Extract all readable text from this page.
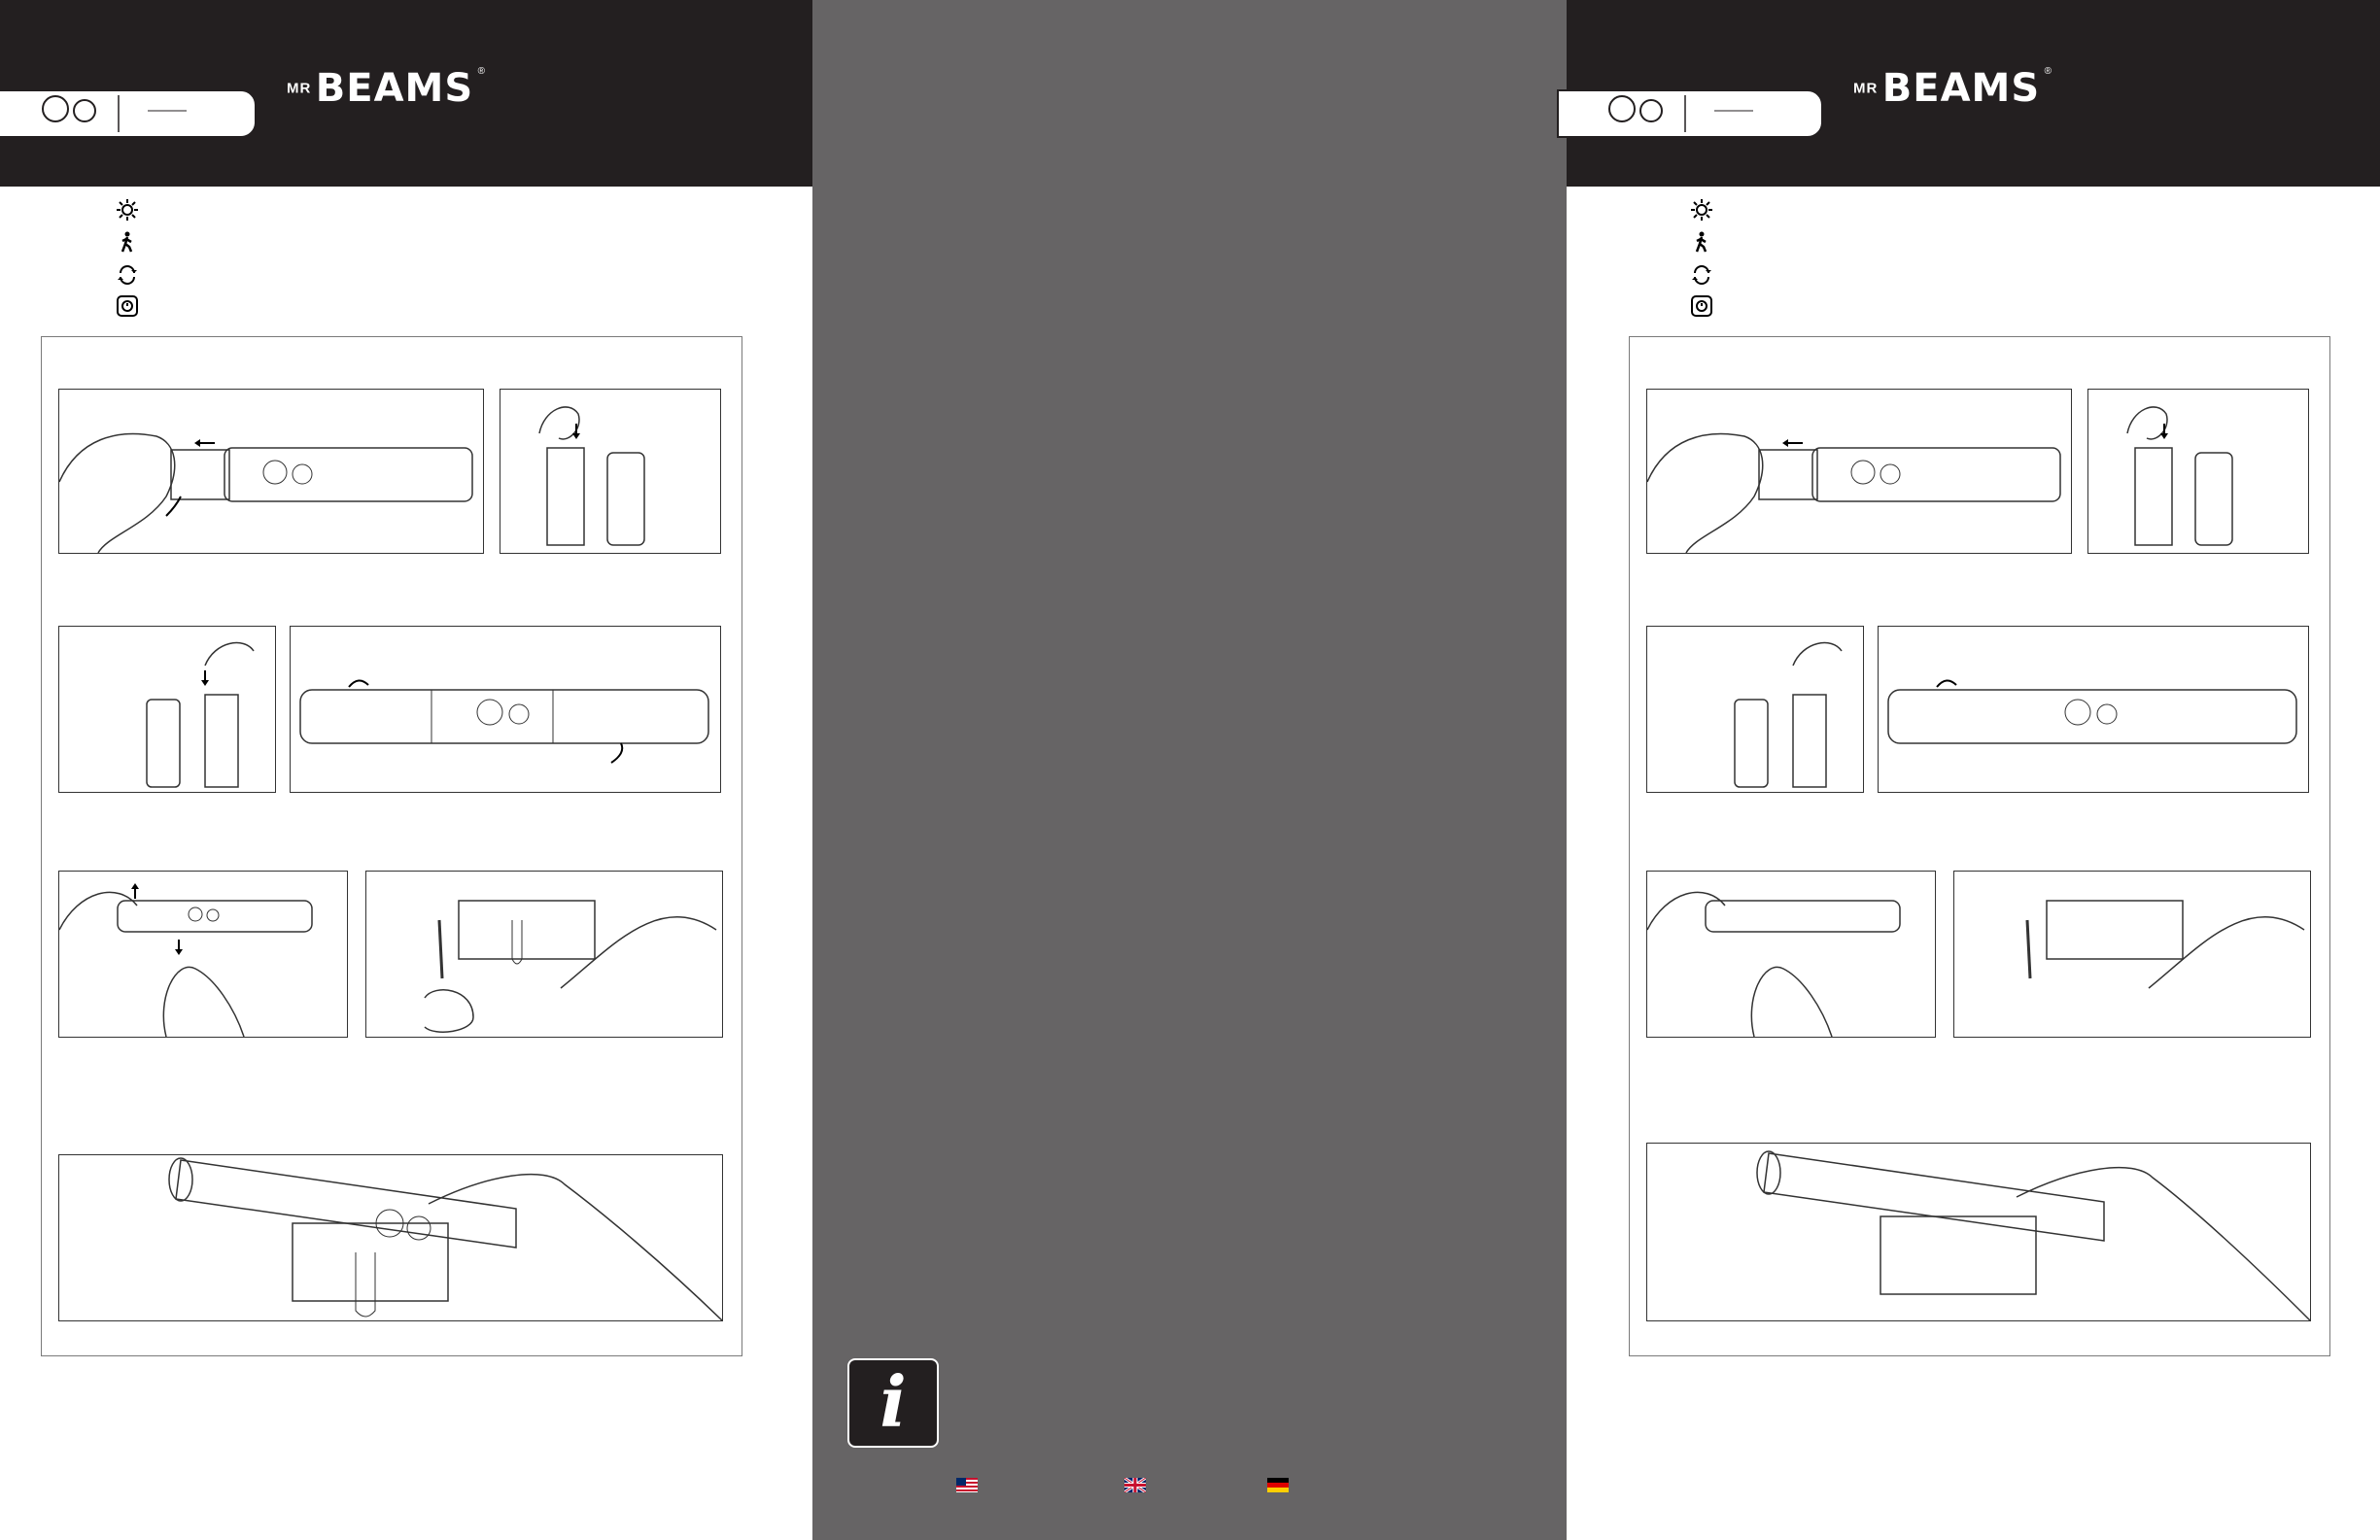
MR BEAMS ®
i
MR BEAMS ®
